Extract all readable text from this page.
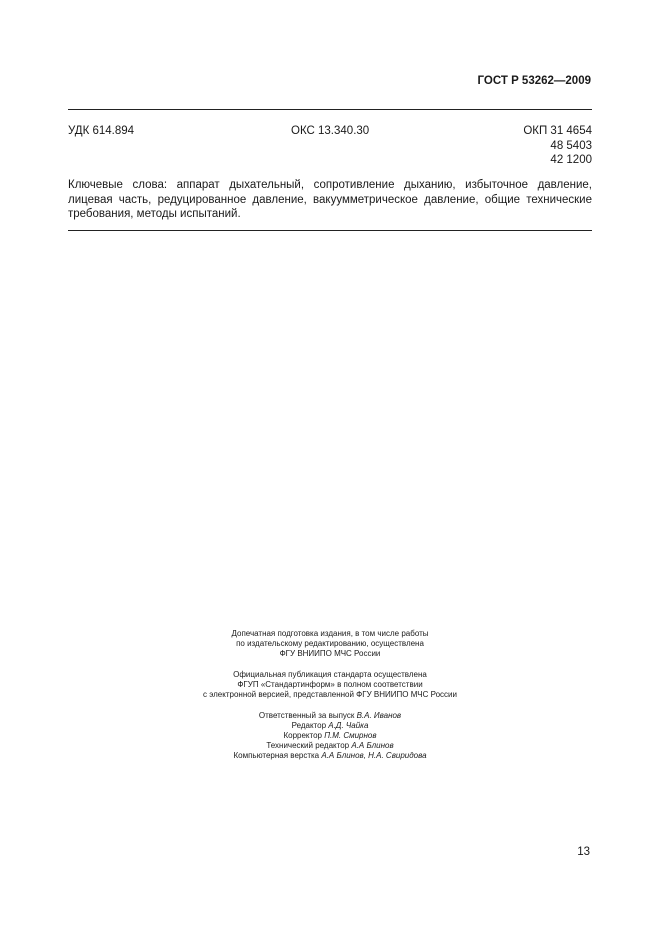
ГОСТ Р 53262—2009
УДК 614.894	ОКС 13.340.30	ОКП 31 4654
48 5403
42 1200
Ключевые слова: аппарат дыхательный, сопротивление дыханию, избыточное давление, лицевая часть, редуцированное давление, вакуумметрическое давление, общие технические требования, методы испытаний.
Допечатная подготовка издания, в том числе работы
по издательскому редактированию, осуществлена
ФГУ ВНИИПО МЧС России
Официальная публикация стандарта осуществлена
ФГУП «Стандартинформ» в полном соответствии
с электронной версией, представленной ФГУ ВНИИПО МЧС России
Ответственный за выпуск В.А. Иванов
Редактор А.Д. Чайка
Корректор П.М. Смирнов
Технический редактор А.А Блинов
Компьютерная верстка А.А Блинов, Н.А. Свиридова
13
